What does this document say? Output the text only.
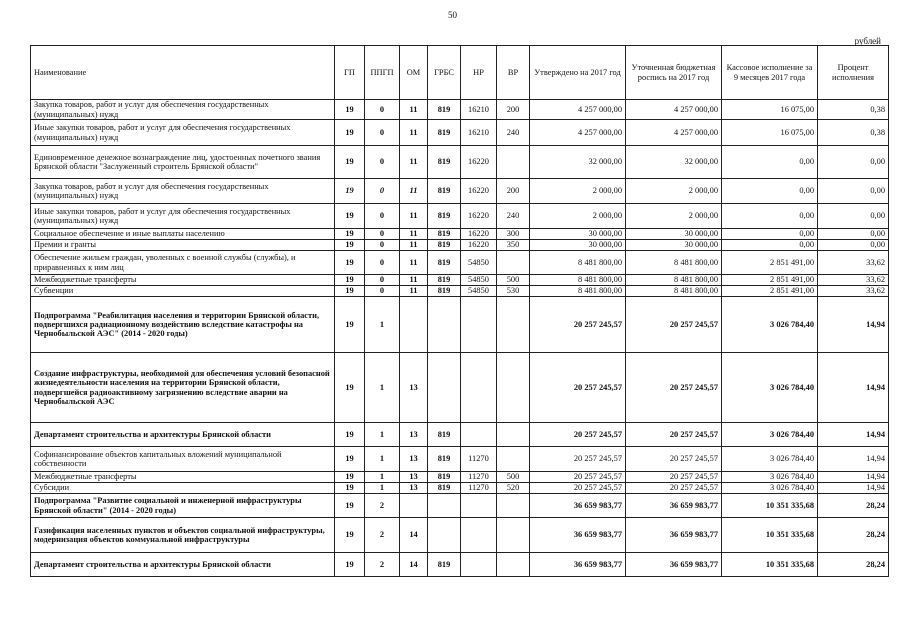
50
рублей
Наименование	ГП	ППГП	ОМ	ГРБС	НР	ВР	Утверждено на 2017 год	Уточненная бюджетная роспись на 2017 год	Кассовое исполнение за 9 месяцев 2017 года	Процент исполнения
Закупка товаров, работ и услуг для обеспечения государственных (муниципальных) нужд	19	0	11	819	16210	200	4 257 000,00	4 257 000,00	16 075,00	0,38
Иные закупки товаров, работ и услуг для обеспечения государственных (муниципальных) нужд	19	0	11	819	16210	240	4 257 000,00	4 257 000,00	16 075,00	0,38
Единовременное денежное вознаграждение лиц, удостоенных почетного звания Брянской области "Заслуженный строитель Брянской области"	19	0	11	819	16220		32 000,00	32 000,00	0,00	0,00
Закупка товаров, работ и услуг для обеспечения государственных (муниципальных) нужд	19	0	11	819	16220	200	2 000,00	2 000,00	0,00	0,00
Иные закупки товаров, работ и услуг для обеспечения государственных (муниципальных) нужд	19	0	11	819	16220	240	2 000,00	2 000,00	0,00	0,00
Социальное обеспечение и иные выплаты населению	19	0	11	819	16220	300	30 000,00	30 000,00	0,00	0,00
Премии и гранты	19	0	11	819	16220	350	30 000,00	30 000,00	0,00	0,00
Обеспечение жильем граждан, уволенных с военной службы (службы), и приравненных к ним лиц	19	0	11	819	54850		8 481 800,00	8 481 800,00	2 851 491,00	33,62
Межбюджетные трансферты	19	0	11	819	54850	500	8 481 800,00	8 481 800,00	2 851 491,00	33,62
Субвенции	19	0	11	819	54850	530	8 481 800,00	8 481 800,00	2 851 491,00	33,62
Подпрограмма "Реабилитация населения и территории Брянской области, подвергшихся радиационному воздействию вследствие катастрофы на Чернобыльской АЭС" (2014 - 2020 годы)	19	1					20 257 245,57	20 257 245,57	3 026 784,40	14,94
Создание инфраструктуры, необходимой для обеспечения условий безопасной жизнедеятельности населения на территории Брянской области, подвергшейся радиоактивному загрязнению вследствие аварии на Чернобыльской АЭС	19	1	13				20 257 245,57	20 257 245,57	3 026 784,40	14,94
Департамент строительства и архитектуры Брянской области	19	1	13	819			20 257 245,57	20 257 245,57	3 026 784,40	14,94
Софинансирование объектов капитальных вложений муниципальной собственности	19	1	13	819	11270		20 257 245,57	20 257 245,57	3 026 784,40	14,94
Межбюджетные трансферты	19	1	13	819	11270	500	20 257 245,57	20 257 245,57	3 026 784,40	14,94
Субсидии	19	1	13	819	11270	520	20 257 245,57	20 257 245,57	3 026 784,40	14,94
Подпрограмма "Развитие социальной и инженерной инфраструктуры Брянской области" (2014 - 2020 годы)	19	2					36 659 983,77	36 659 983,77	10 351 335,68	28,24
Газификация населенных пунктов и объектов социальной инфраструктуры, модернизация объектов коммунальной инфраструктуры	19	2	14				36 659 983,77	36 659 983,77	10 351 335,68	28,24
Департамент строительства и архитектуры Брянской области	19	2	14	819			36 659 983,77	36 659 983,77	10 351 335,68	28,24
